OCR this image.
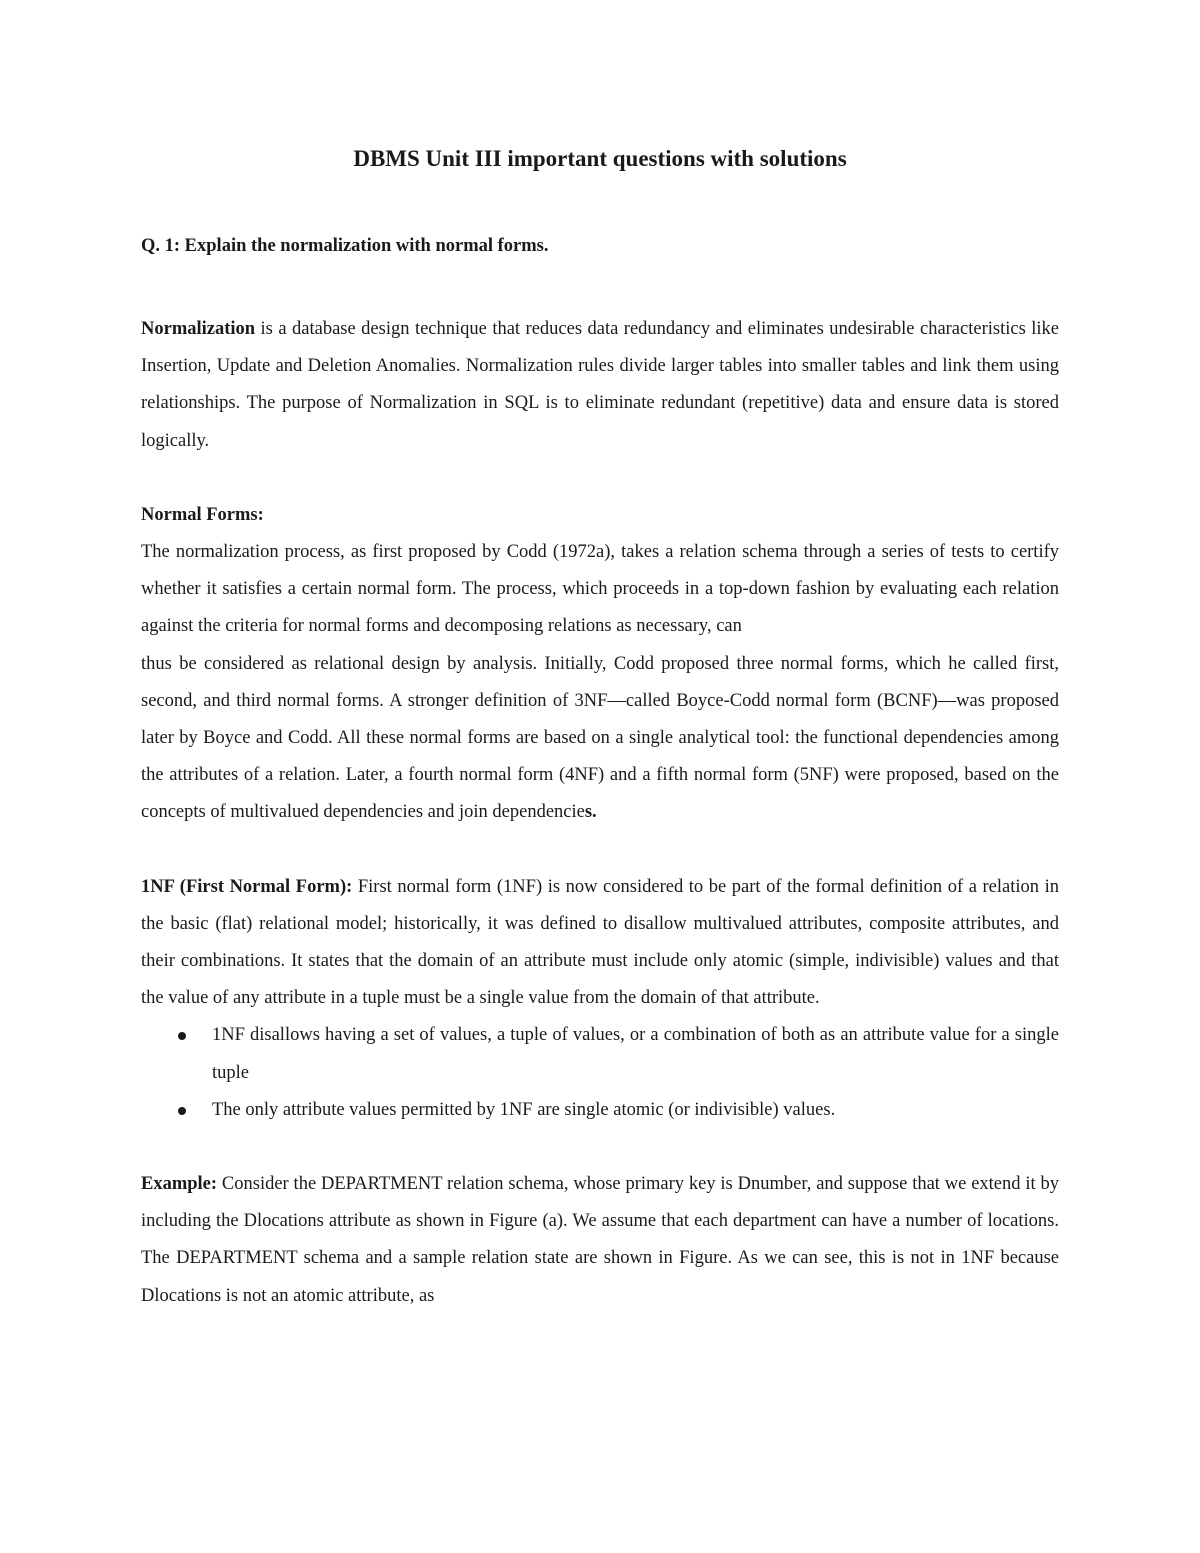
DBMS Unit III important questions with solutions

Q. 1: Explain the normalization with normal forms.

Normalization is a database design technique that reduces data redundancy and eliminates undesirable characteristics like Insertion, Update and Deletion Anomalies. Normalization rules divide larger tables into smaller tables and link them using relationships. The purpose of Normalization in SQL is to eliminate redundant (repetitive) data and ensure data is stored logically.

Normal Forms:

The normalization process, as first proposed by Codd (1972a), takes a relation schema through a series of tests to certify whether it satisfies a certain normal form. The process, which proceeds in a top-down fashion by evaluating each relation against the criteria for normal forms and decomposing relations as necessary, can

thus be considered as relational design by analysis. Initially, Codd proposed three normal forms, which he called first, second, and third normal forms. A stronger definition of 3NF—called Boyce-Codd normal form (BCNF)—was proposed later by Boyce and Codd. All these normal forms are based on a single analytical tool: the functional dependencies among the attributes of a relation. Later, a fourth normal form (4NF) and a fifth normal form (5NF) were proposed, based on the concepts of multivalued dependencies and join dependencies.

1NF (First Normal Form): First normal form (1NF) is now considered to be part of the formal definition of a relation in the basic (flat) relational model; historically, it was defined to disallow multivalued attributes, composite attributes, and their combinations. It states that the domain of an attribute must include only atomic (simple, indivisible) values and that the value of any attribute in a tuple must be a single value from the domain of that attribute.

1NF disallows having a set of values, a tuple of values, or a combination of both as an attribute value for a single tuple
The only attribute values permitted by 1NF are single atomic (or indivisible) values.

Example: Consider the DEPARTMENT relation schema, whose primary key is Dnumber, and suppose that we extend it by including the Dlocations attribute as shown in Figure (a). We assume that each department can have a number of locations. The DEPARTMENT schema and a sample relation state are shown in Figure. As we can see, this is not in 1NF because Dlocations is not an atomic attribute, as
